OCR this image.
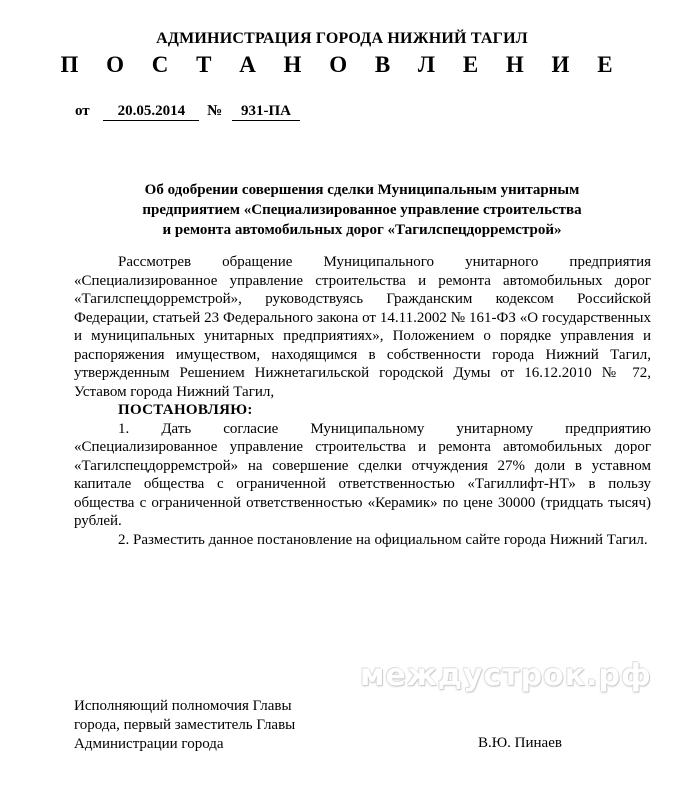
АДМИНИСТРАЦИЯ ГОРОДА НИЖНИЙ ТАГИЛ
П О С Т А Н О В Л Е Н И Е
от 20.05.2014 № 931-ПА
Об одобрении совершения сделки Муниципальным унитарным
предприятием «Специализированное управление строительства
и ремонта автомобильных дорог «Тагилспецдорремстрой»

Рассмотрев обращение Муниципального унитарного предприятия «Специализированное управление строительства и ремонта автомобильных дорог «Тагилспецдорремстрой», руководствуясь Гражданским кодексом Российской Федерации, статьей 23 Федерального закона от 14.11.2002 № 161-ФЗ «О государственных и муниципальных унитарных предприятиях», Положением о порядке управления и распоряжения имуществом, находящимся в собственности города Нижний Тагил, утвержденным Решением Нижнетагильской городской Думы от 16.12.2010 № 72, Уставом города Нижний Тагил,

ПОСТАНОВЛЯЮ:

1. Дать согласие Муниципальному унитарному предприятию «Специализированное управление строительства и ремонта автомобильных дорог «Тагилспецдорремстрой» на совершение сделки отчуждения 27% доли в уставном капитале общества с ограниченной ответственностью «Тагиллифт-НТ» в пользу общества с ограниченной ответственностью «Керамик» по цене 30000 (тридцать тысяч) рублей.

2. Разместить данное постановление на официальном сайте города Нижний Тагил.

междустрок.рф
Исполняющий полномочия Главы
города, первый заместитель Главы
Администрации города	В.Ю. Пинаев
